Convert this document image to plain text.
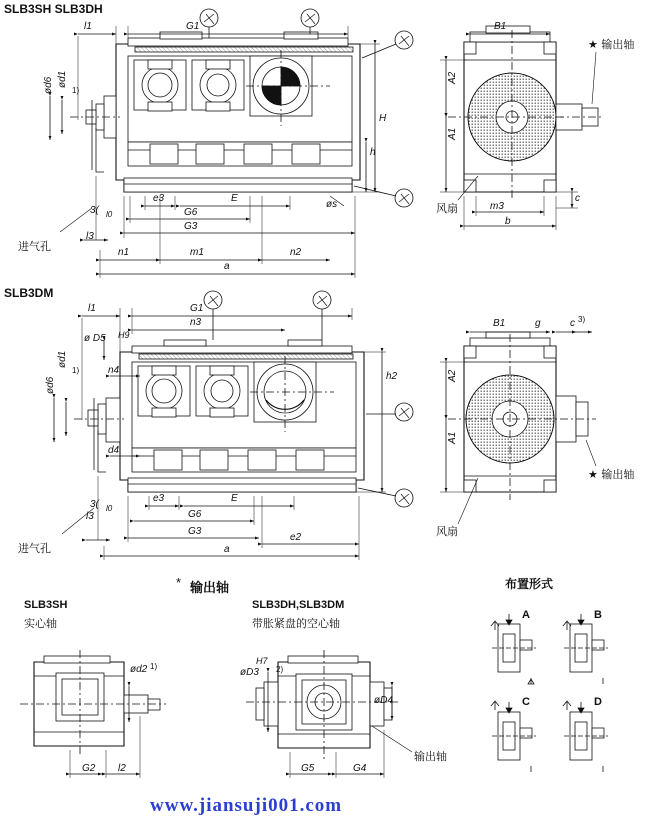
SLB3SH SLB3DH
SLB3DM
l1	G1
ød1
1)
ød6
H
h
e3	E
øs
G6
G3
n1	m1	n2
a
l3
3( l0
进气孔
B1
A2
A1
m3
b
c
★ 输出轴
风扇
l1	G1
n3
ø D5 H9
n4
ød1
1)
ød6
h2
d4
e3	E
G6
G3
e2
a
l3
3( l0
进气孔
B1	g	c 3)
A2
A1
★ 输出轴
风扇
* 输出轴
SLB3SH
实心轴
SLB3DH,SLB3DM
带胀紧盘的空心轴
ød2 1)
G2 l2
øD3
H7
2)
øD4
G5	G4
输出轴
布置形式
A	B
C	D
www.jiansuji001.com
